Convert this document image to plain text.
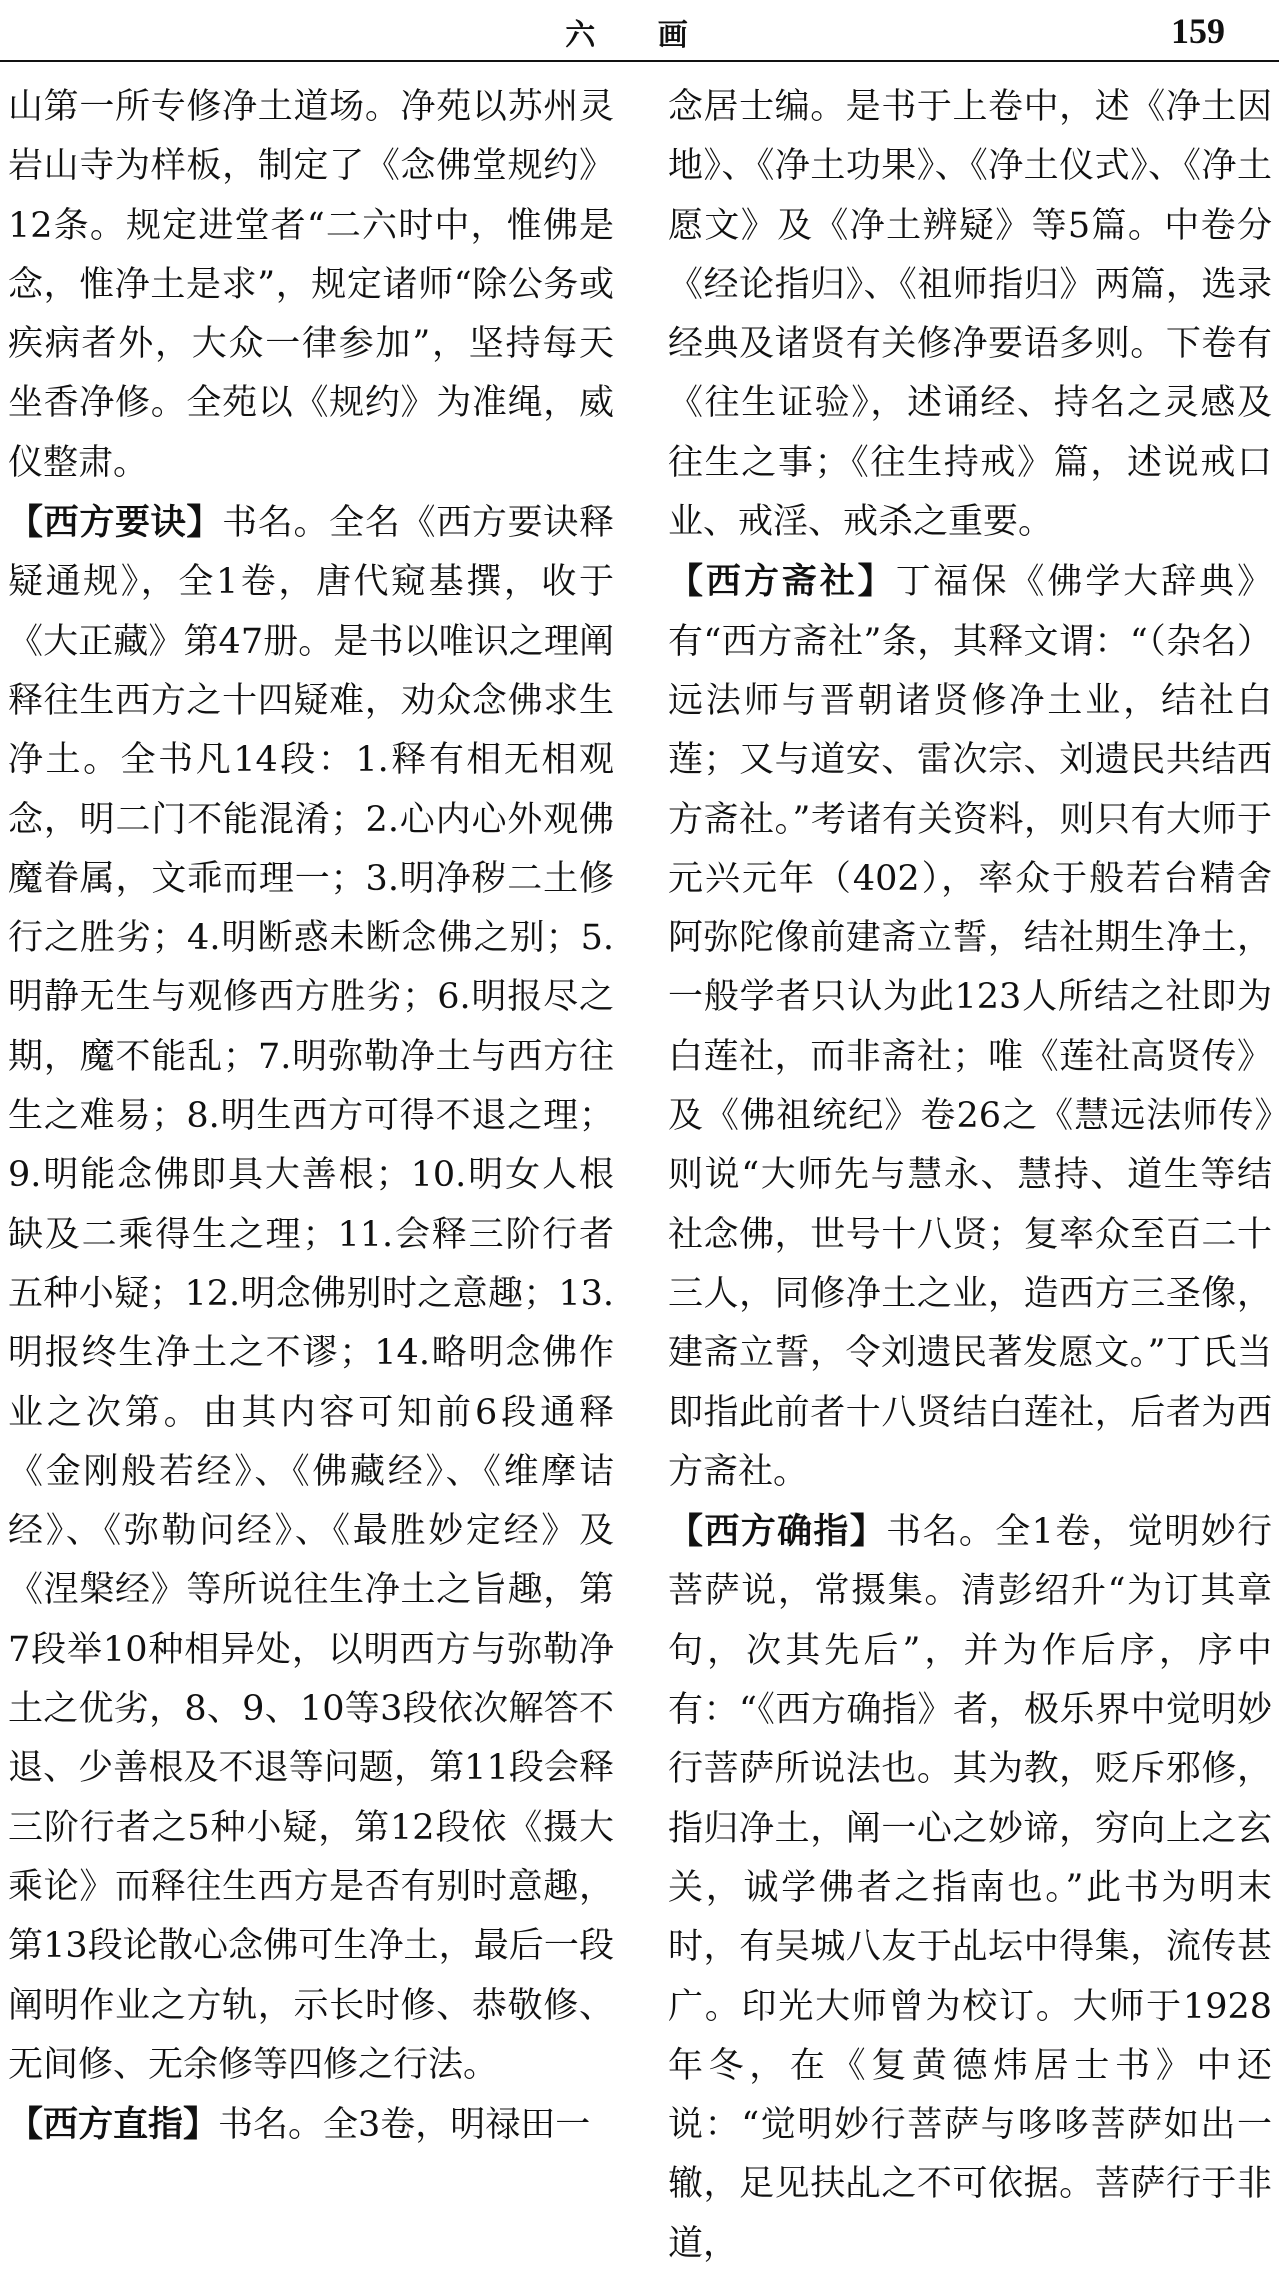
六 画	159

山第一所专修净土道场。净苑以苏州灵岩山寺为样板，制定了《念佛堂规约》12条。规定进堂者“二六时中，惟佛是念，惟净土是求”，规定诸师“除公务或疾病者外，大众一律参加”，坚持每天坐香净修。全苑以《规约》为准绳，威仪整肃。

【西方要诀】书名。全名《西方要诀释疑通规》，全1卷，唐代窥基撰，收于《大正藏》第47册。是书以唯识之理阐释往生西方之十四疑难，劝众念佛求生净土。全书凡14段：1.释有相无相观念，明二门不能混淆；2.心内心外观佛魔眷属，文乖而理一；3.明净秽二土修行之胜劣；4.明断惑未断念佛之别；5.明静无生与观修西方胜劣；6.明报尽之期，魔不能乱；7.明弥勒净土与西方往生之难易；8.明生西方可得不退之理；9.明能念佛即具大善根；10.明女人根缺及二乘得生之理；11.会释三阶行者五种小疑；12.明念佛别时之意趣；13.明报终生净土之不谬；14.略明念佛作业之次第。由其内容可知前6段通释《金刚般若经》、《佛藏经》、《维摩诘经》、《弥勒问经》、《最胜妙定经》及《涅槃经》等所说往生净土之旨趣，第7段举10种相异处，以明西方与弥勒净土之优劣，8、9、10等3段依次解答不退、少善根及不退等问题，第11段会释三阶行者之5种小疑，第12段依《摄大乘论》而释往生西方是否有别时意趣，第13段论散心念佛可生净土，最后一段阐明作业之方轨，示长时修、恭敬修、无间修、无余修等四修之行法。

【西方直指】书名。全3卷，明禄田一

念居士编。是书于上卷中，述《净土因地》、《净土功果》、《净土仪式》、《净土愿文》及《净土辨疑》等5篇。中卷分《经论指归》、《祖师指归》两篇，选录经典及诸贤有关修净要语多则。下卷有《往生证验》，述诵经、持名之灵感及往生之事；《往生持戒》篇，述说戒口业、戒淫、戒杀之重要。

【西方斋社】丁福保《佛学大辞典》有“西方斋社”条，其释文谓：“（杂名）远法师与晋朝诸贤修净土业，结社白莲；又与道安、雷次宗、刘遗民共结西方斋社。”考诸有关资料，则只有大师于元兴元年（402），率众于般若台精舍阿弥陀像前建斋立誓，结社期生净土，一般学者只认为此123人所结之社即为白莲社，而非斋社；唯《莲社高贤传》及《佛祖统纪》卷26之《慧远法师传》则说“大师先与慧永、慧持、道生等结社念佛，世号十八贤；复率众至百二十三人，同修净土之业，造西方三圣像，建斋立誓，令刘遗民著发愿文。”丁氏当即指此前者十八贤结白莲社，后者为西方斋社。

【西方确指】书名。全1卷，觉明妙行菩萨说，常摄集。清彭绍升“为订其章句，次其先后”，并为作后序，序中有：“《西方确指》者，极乐界中觉明妙行菩萨所说法也。其为教，贬斥邪修，指归净土，阐一心之妙谛，穷向上之玄关，诚学佛者之指南也。”此书为明末时，有吴城八友于乩坛中得集，流传甚广。印光大师曾为校订。大师于1928年冬，在《复黄德炜居士书》中还说：“觉明妙行菩萨与哆哆菩萨如出一辙，足见扶乩之不可依据。菩萨行于非道，
